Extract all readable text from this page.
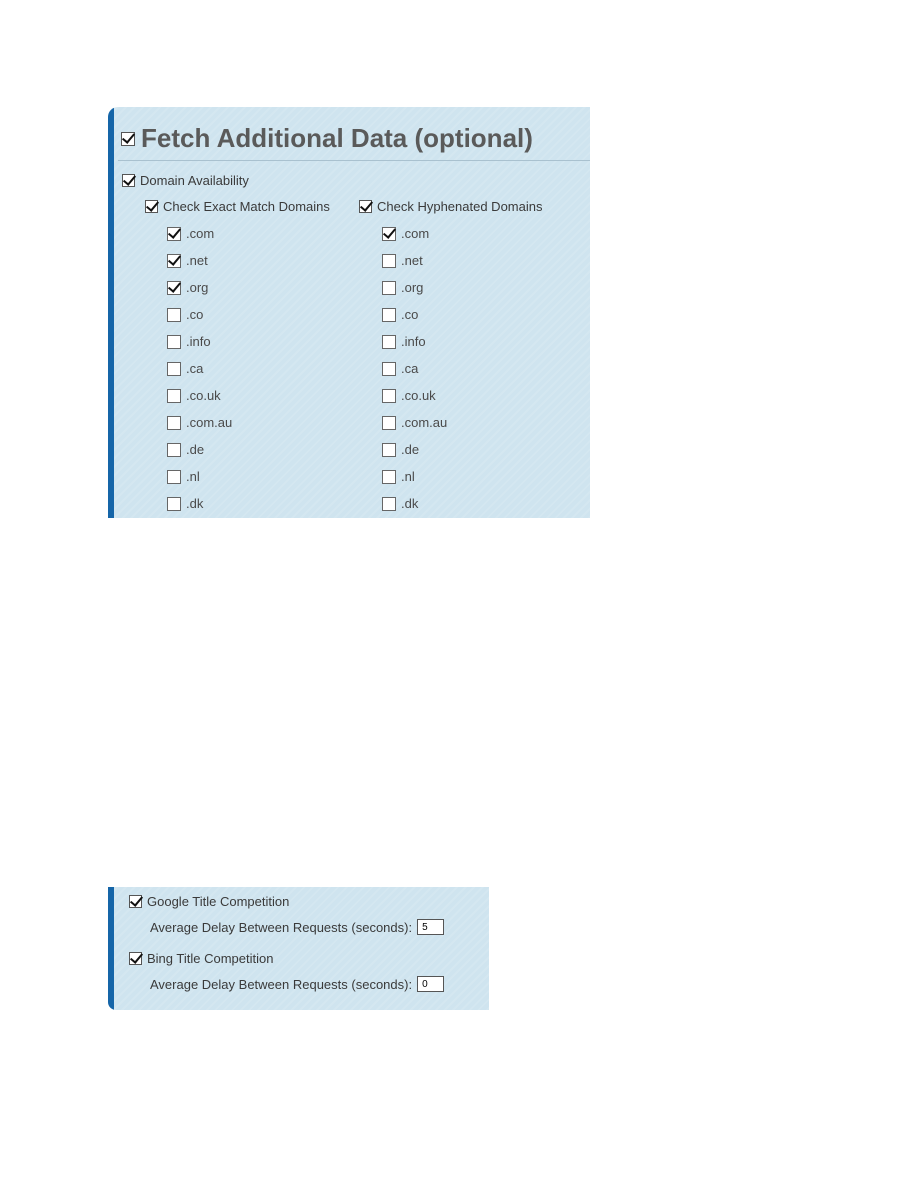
Fetch Additional Data (optional)
Domain Availability
Check Exact Match Domains	Check Hyphenated Domains
.com
.net
.org
.co
.info
.ca
.co.uk
.com.au
.de
.nl
.dk
.com
.net
.org
.co
.info
.ca
.co.uk
.com.au
.de
.nl
.dk
Google Title Competition
Average Delay Between Requests (seconds):
5
Bing Title Competition
Average Delay Between Requests (seconds):
0
